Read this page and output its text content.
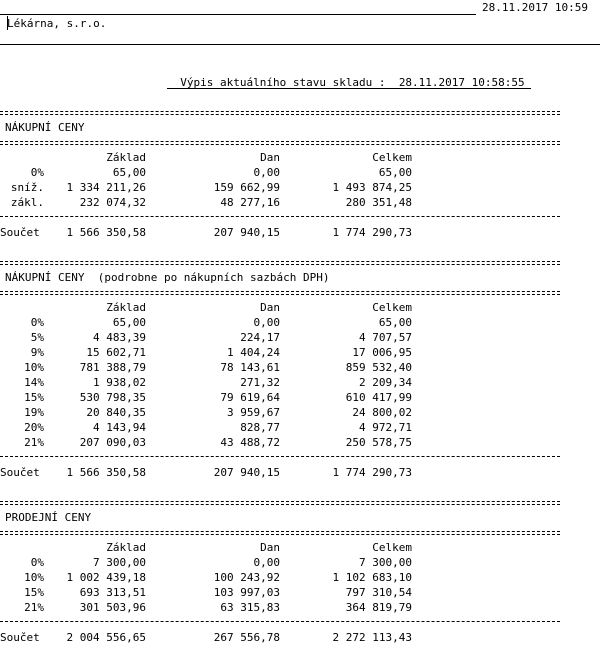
28.11.2017 10:59
Lékárna, s.r.o.

Výpis aktuálního stavu skladu : 28.11.2017 10:58:55

NÁKUPNÍ CENY
Základ	Dan	Celkem
0%	65,00	0,00	65,00
sníž.	1 334 211,26	159 662,99	1 493 874,25
zákl.	232 074,32	48 277,16	280 351,48
Součet	1 566 350,58	207 940,15	1 774 290,73
NÁKUPNÍ CENY  (podrobne po nákupních sazbách DPH)
Základ	Dan	Celkem
0%	65,00	0,00	65,00
5%	4 483,39	224,17	4 707,57
9%	15 602,71	1 404,24	17 006,95
10%	781 388,79	78 143,61	859 532,40
14%	1 938,02	271,32	2 209,34
15%	530 798,35	79 619,64	610 417,99
19%	20 840,35	3 959,67	24 800,02
20%	4 143,94	828,77	4 972,71
21%	207 090,03	43 488,72	250 578,75
Součet	1 566 350,58	207 940,15	1 774 290,73
PRODEJNÍ CENY
Základ	Dan	Celkem
0%	7 300,00	0,00	7 300,00
10%	1 002 439,18	100 243,92	1 102 683,10
15%	693 313,51	103 997,03	797 310,54
21%	301 503,96	63 315,83	364 819,79
Součet	2 004 556,65	267 556,78	2 272 113,43
